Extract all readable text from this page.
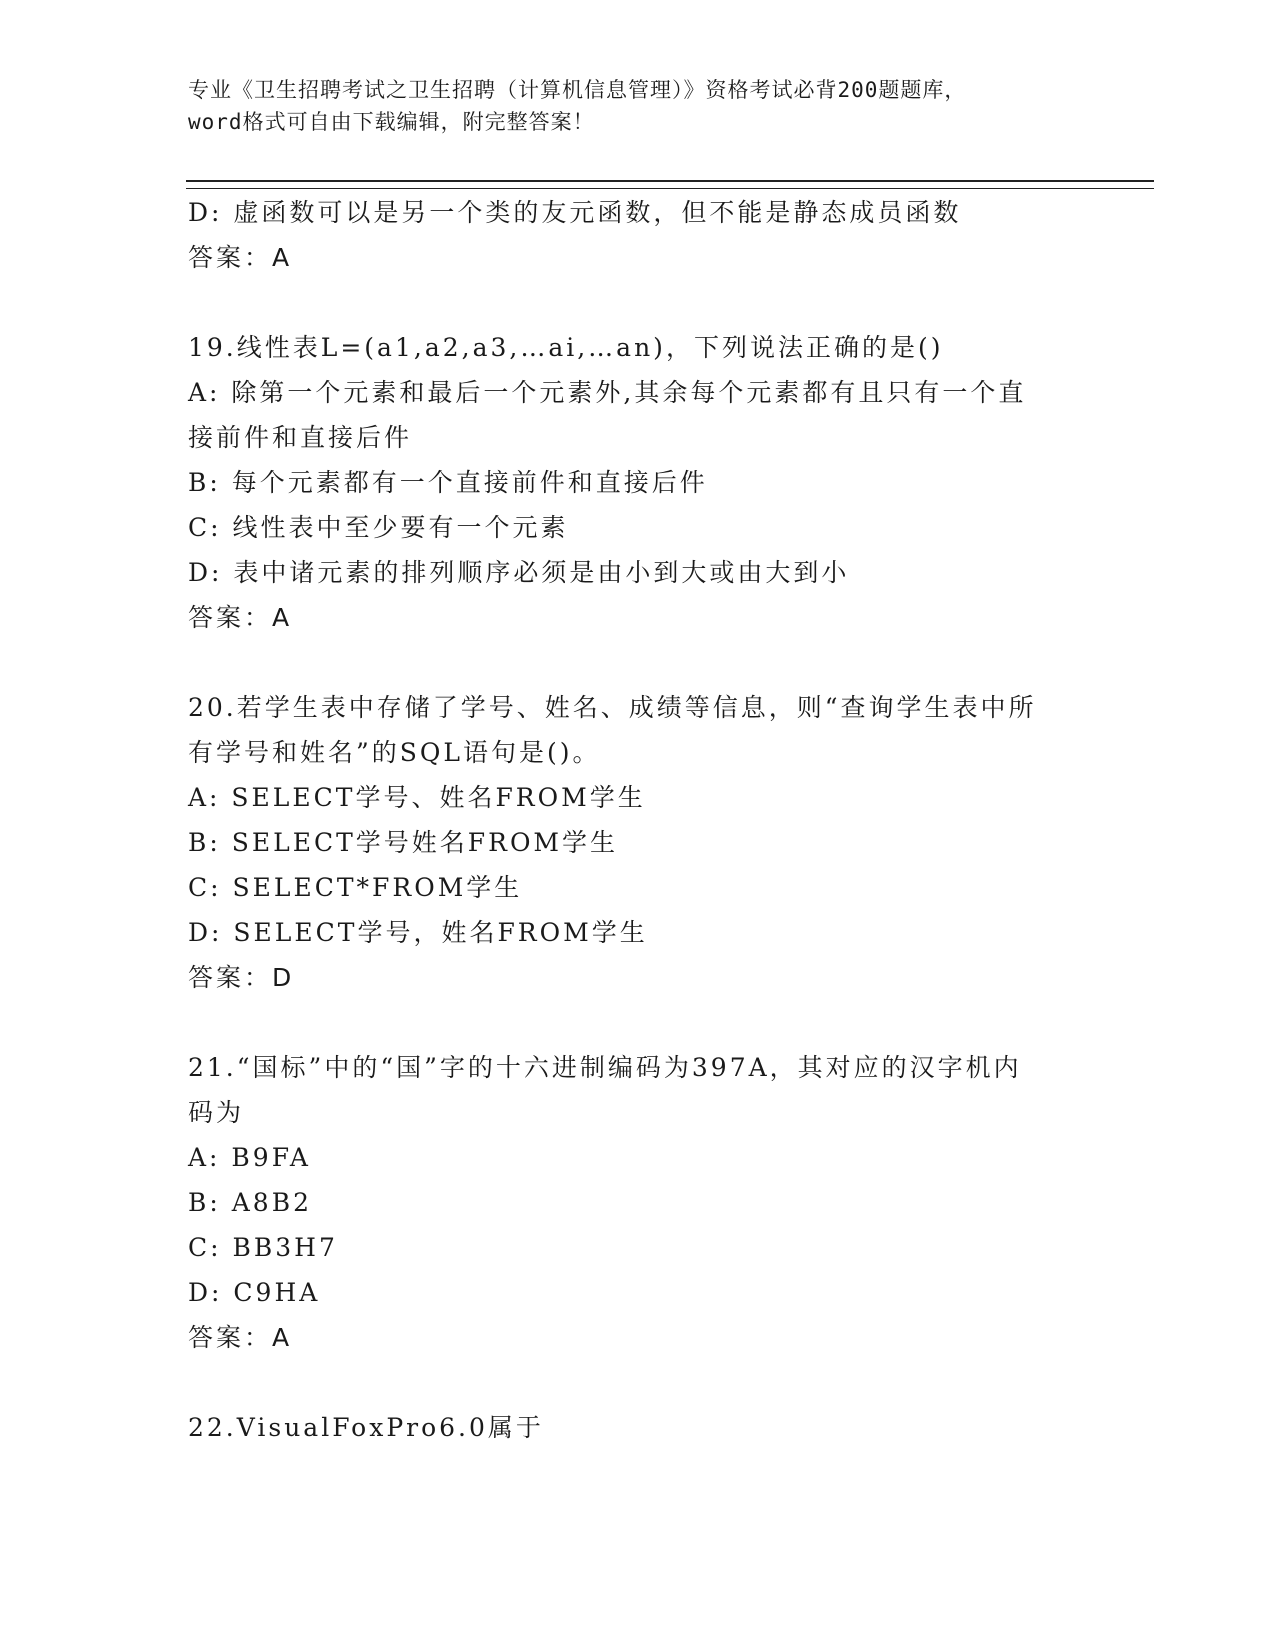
专业《卫生招聘考试之卫生招聘（计算机信息管理）》资格考试必背200题题库，
word格式可自由下载编辑，附完整答案！
D: 虚函数可以是另一个类的友元函数，但不能是静态成员函数
答案：A
19.线性表L=(a1,a2,a3,…ai,…an)，下列说法正确的是()
A: 除第一个元素和最后一个元素外,其余每个元素都有且只有一个直
接前件和直接后件
B: 每个元素都有一个直接前件和直接后件
C: 线性表中至少要有一个元素
D: 表中诸元素的排列顺序必须是由小到大或由大到小
答案：A
20.若学生表中存储了学号、姓名、成绩等信息，则“查询学生表中所
有学号和姓名”的SQL语句是()。
A: SELECT学号、姓名FROM学生
B: SELECT学号姓名FROM学生
C: SELECT*FROM学生
D: SELECT学号，姓名FROM学生
答案：D
21.“国标”中的“国”字的十六进制编码为397A，其对应的汉字机内
码为
A: B9FA
B: A8B2
C: BB3H7
D: C9HA
答案：A
22.VisualFoxPro6.0属于
